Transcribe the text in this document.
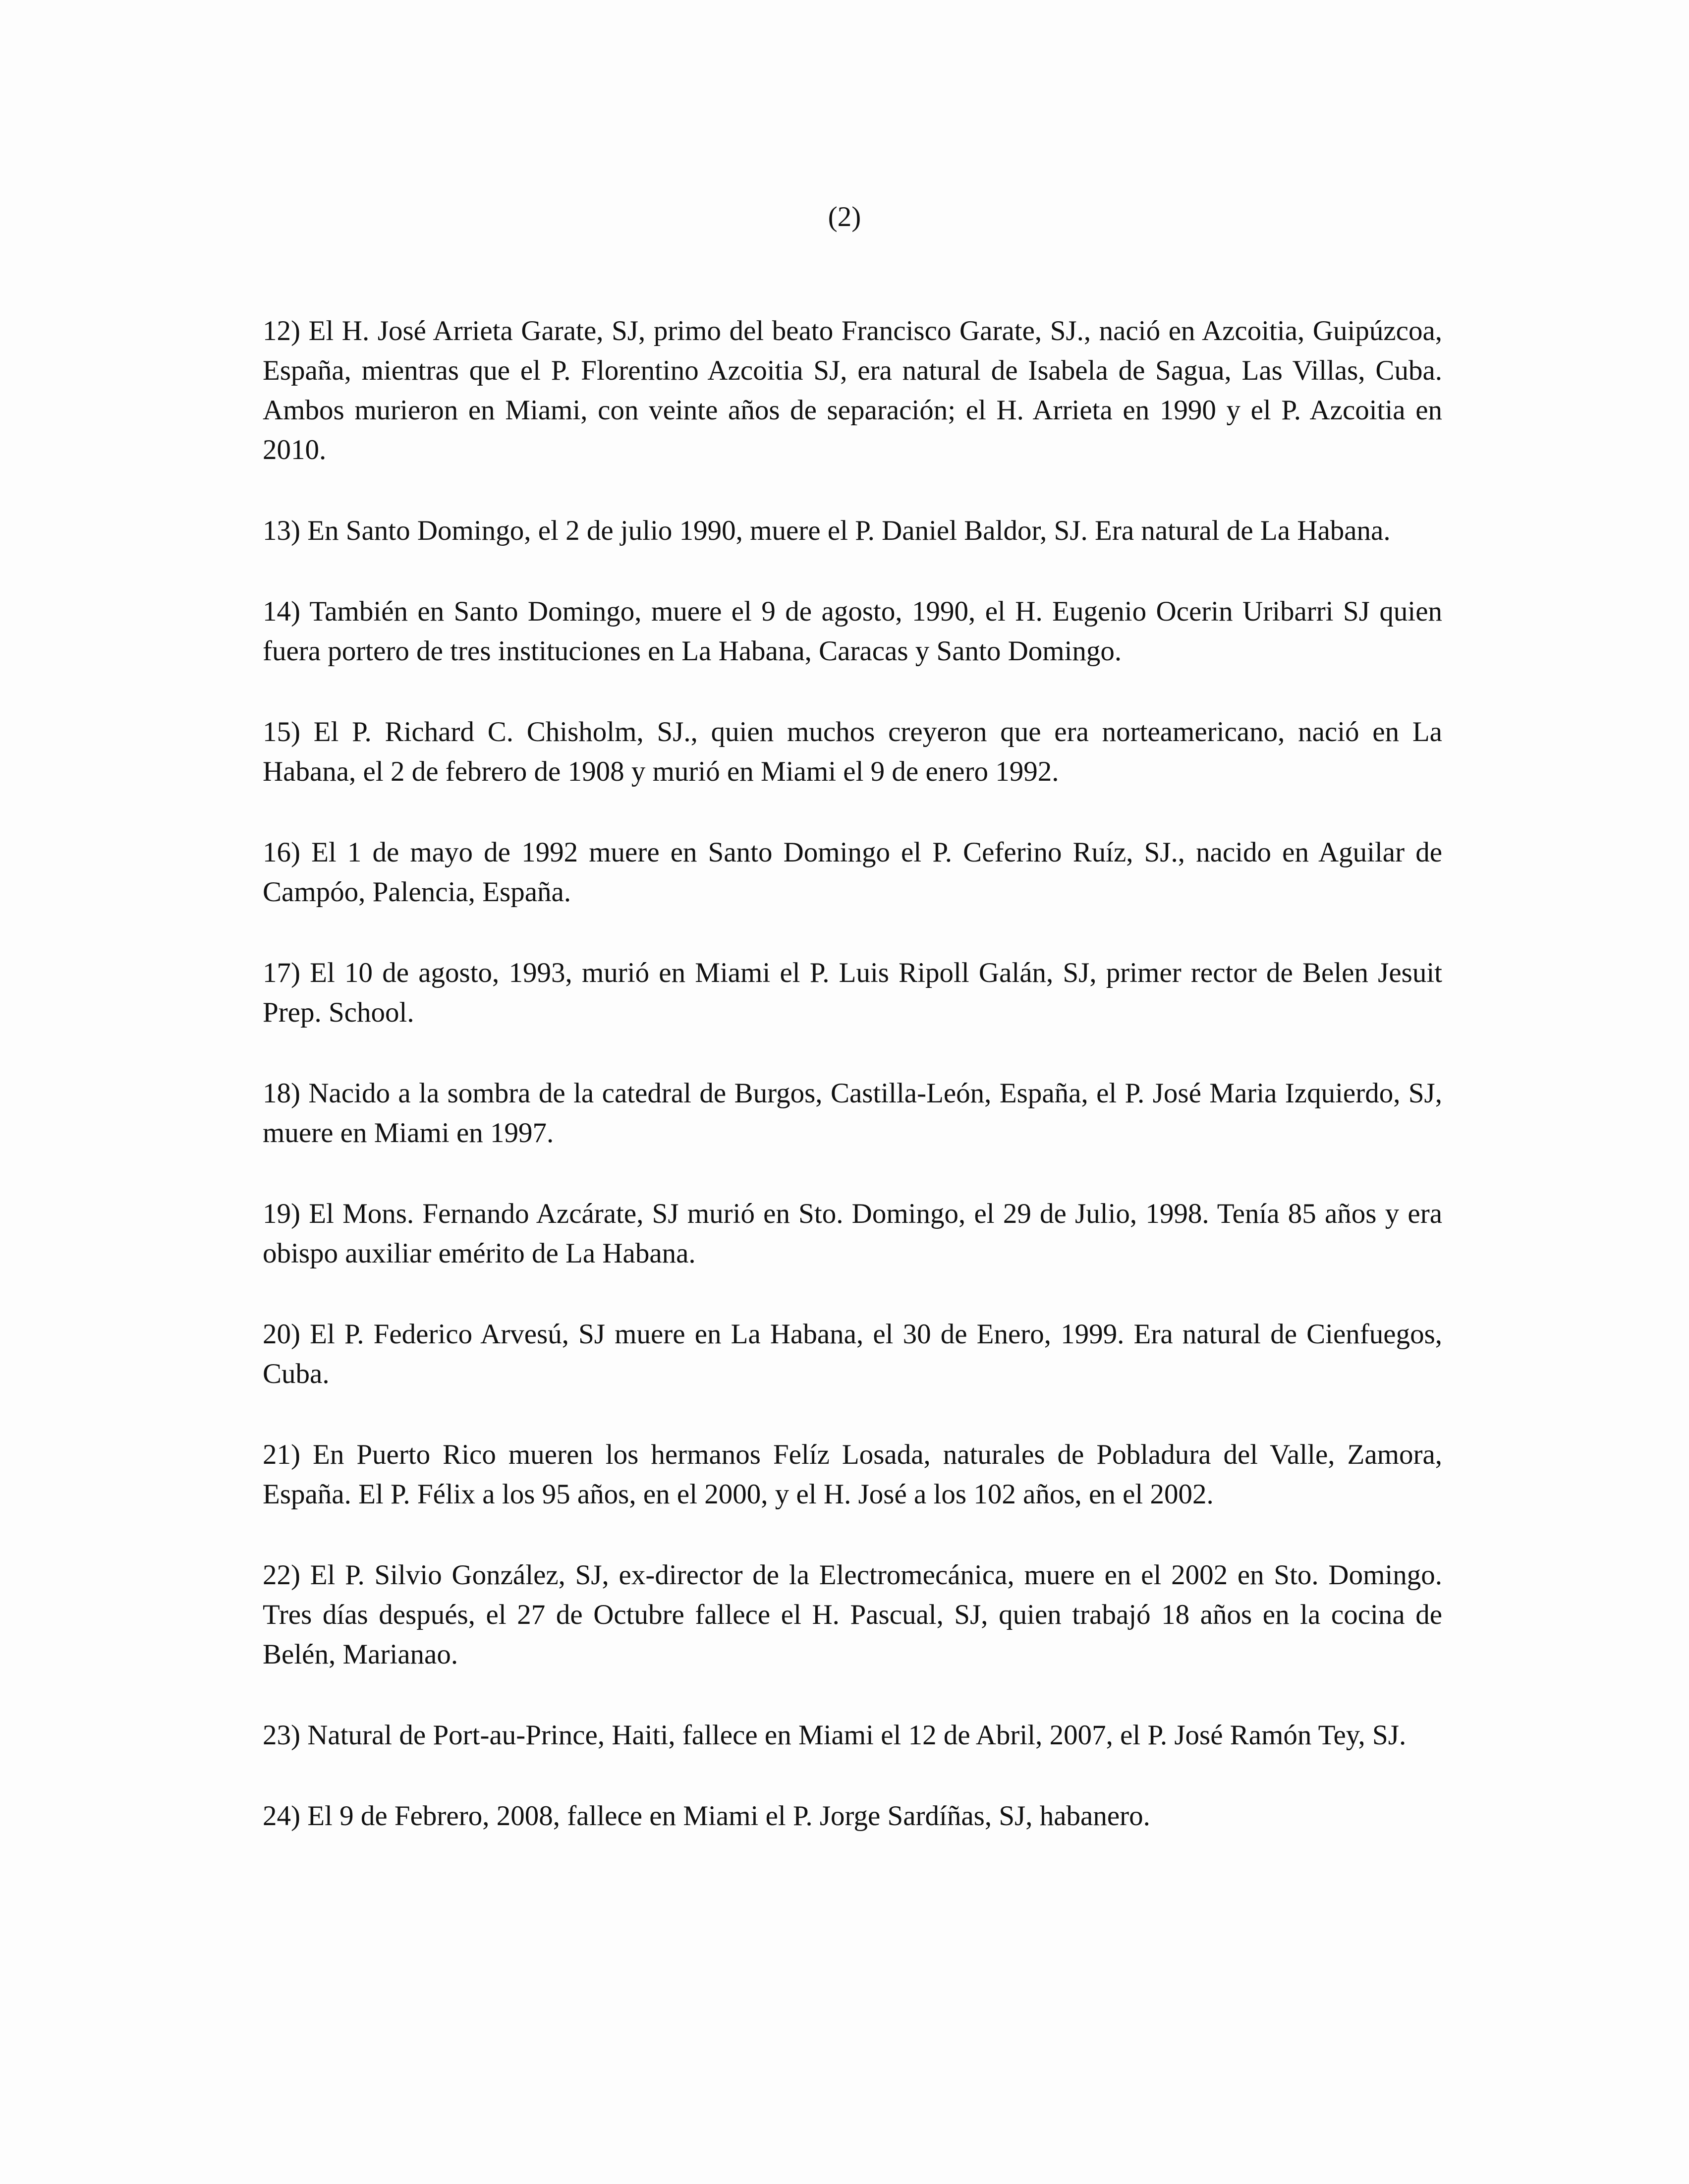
(2)

12) El H. José Arrieta Garate, SJ, primo del beato Francisco Garate, SJ., nació en Azcoitia, Guipúzcoa, España, mientras que el P. Florentino Azcoitia SJ, era natural de Isabela de Sagua, Las Villas, Cuba. Ambos murieron en Miami, con veinte años de separación; el H. Arrieta en 1990 y el P. Azcoitia en 2010.

13) En Santo Domingo, el 2 de julio 1990, muere el P. Daniel Baldor, SJ. Era natural de La Habana.

14) También en Santo Domingo, muere el 9 de agosto, 1990, el H. Eugenio Ocerin Uribarri SJ quien fuera portero de tres instituciones en La Habana, Caracas y Santo Domingo.

15) El P. Richard C. Chisholm, SJ., quien muchos creyeron que era norteamericano, nació en La Habana, el 2 de febrero de 1908 y murió en Miami el 9 de enero 1992.

16) El 1 de mayo de 1992 muere en Santo Domingo el P. Ceferino Ruíz, SJ., nacido en Aguilar de Campóo, Palencia, España.

17) El 10 de agosto, 1993, murió en Miami el P. Luis Ripoll Galán, SJ, primer rector de Belen Jesuit Prep. School.

18) Nacido a la sombra de la catedral de Burgos, Castilla-León, España, el P. José Maria Izquierdo, SJ, muere en Miami en 1997.

19) El Mons. Fernando Azcárate, SJ murió en Sto. Domingo, el 29 de Julio, 1998. Tenía 85 años y era obispo auxiliar emérito de La Habana.

20) El P. Federico Arvesú, SJ muere en La Habana, el 30 de Enero, 1999. Era natural de Cienfuegos, Cuba.

21) En Puerto Rico mueren los hermanos Felíz Losada, naturales de Pobladura del Valle, Zamora, España. El P. Félix a los 95 años, en el 2000, y el H. José a los 102 años, en el 2002.

22) El P. Silvio González, SJ, ex-director de la Electromecánica, muere en el 2002 en Sto. Domingo. Tres días después, el 27 de Octubre fallece el H. Pascual, SJ, quien trabajó 18 años en la cocina de Belén, Marianao.

23) Natural de Port-au-Prince, Haiti, fallece en Miami el 12 de Abril, 2007, el P. José Ramón Tey, SJ.

24) El 9 de Febrero, 2008, fallece en Miami el P. Jorge Sardíñas, SJ, habanero.
